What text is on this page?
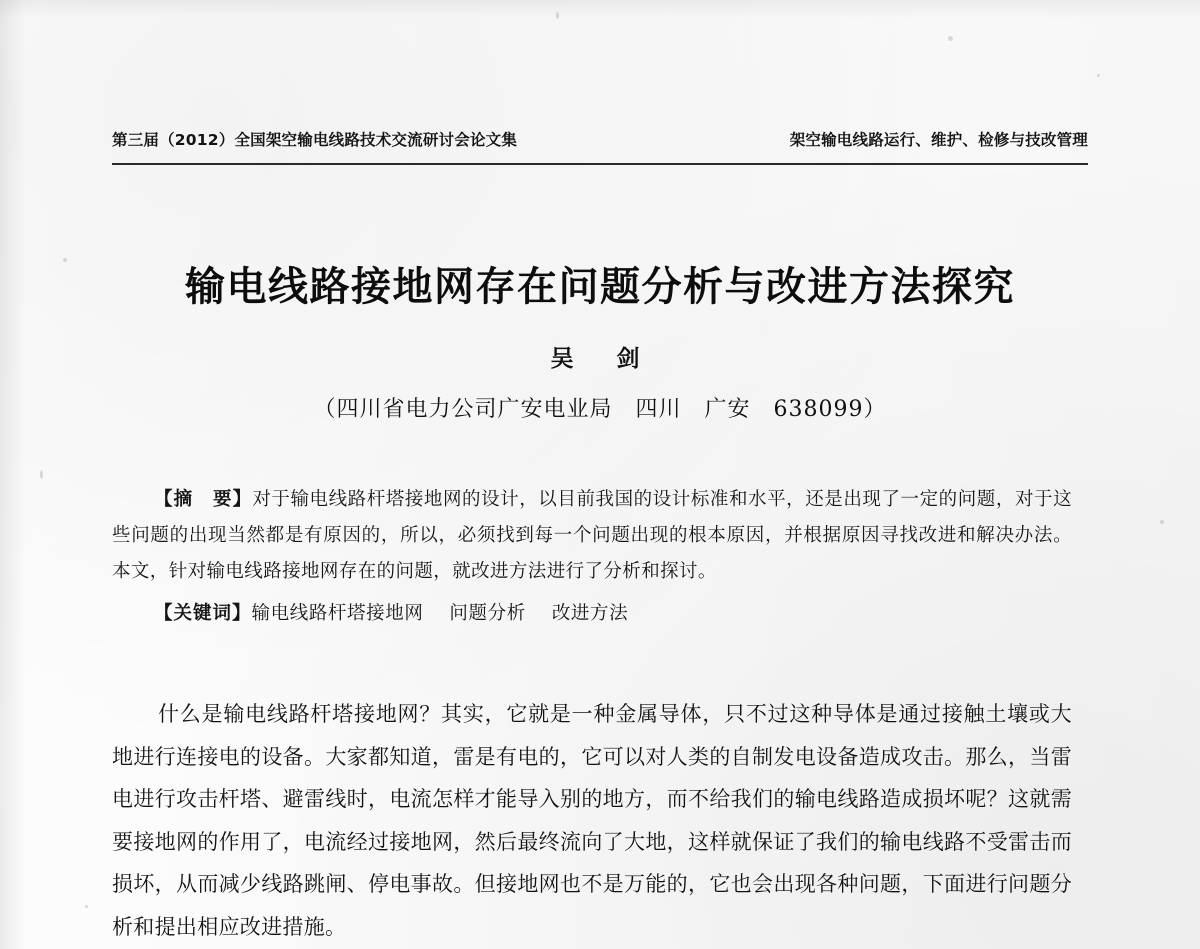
第三届（2012）全国架空输电线路技术交流研讨会论文集	架空输电线路运行、维护、检修与技改管理
输电线路接地网存在问题分析与改进方法探究
吴　剑
（四川省电力公司广安电业局　四川　广安　638099）
【摘　要】对于输电线路杆塔接地网的设计，以目前我国的设计标准和水平，还是出现了一定的问题，对于这些问题的出现当然都是有原因的，所以，必须找到每一个问题出现的根本原因，并根据原因寻找改进和解决办法。本文，针对输电线路接地网存在的问题，就改进方法进行了分析和探讨。
【关键词】输电线路杆塔接地网 问题分析 改进方法

什么是输电线路杆塔接地网？其实，它就是一种金属导体，只不过这种导体是通过接触土壤或大地进行连接电的设备。大家都知道，雷是有电的，它可以对人类的自制发电设备造成攻击。那么，当雷电进行攻击杆塔、避雷线时，电流怎样才能导入别的地方，而不给我们的输电线路造成损坏呢？这就需要接地网的作用了，电流经过接地网，然后最终流向了大地，这样就保证了我们的输电线路不受雷击而损坏，从而减少线路跳闸、停电事故。但接地网也不是万能的，它也会出现各种问题，下面进行问题分析和提出相应改进措施。
